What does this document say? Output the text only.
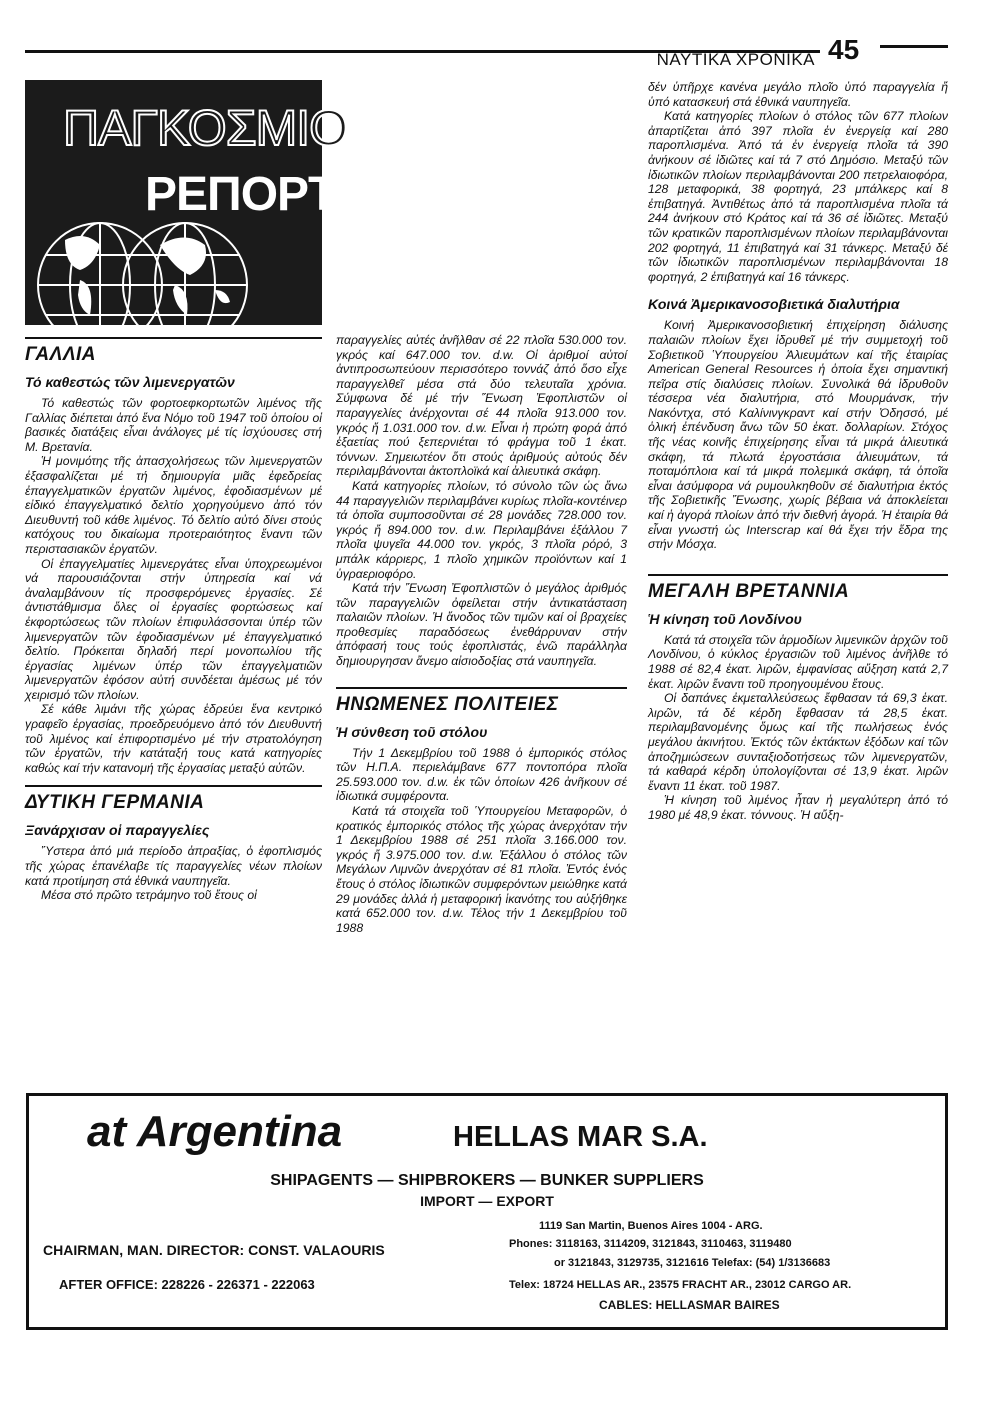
ΝΑΥΤΙΚΑ ΧΡΟΝΙΚΑ 45
ΠΑΓΚΟΣΜΙΟ
ΡΕΠΟΡΤΑΖ
ΓΑΛΛΙΑ
Τό καθεστώς τῶν λιμενεργατῶν

Τό καθεστώς τῶν φορτοεφκορτωτῶν λιμένος τῆς Γαλλίας διέπεται ἀπό ἕνα Νόμο τοῦ 1947 τοῦ ὁποίου οἱ βασικές διατάξεις εἶναι ἀνάλογες μέ τίς ἰσχύουσες στή Μ. Βρετανία.

Ἡ μονιμότης τῆς ἀπασχολήσεως τῶν λιμενεργατῶν ἐξασφαλίζεται μέ τή δημιουργία μιᾶς ἐφεδρείας ἐπαγγελματικῶν ἐργατῶν λιμένος, ἐφοδιασμένων μέ εἰδικό ἐπαγγελματικό δελτίο χορηγούμενο ἀπό τόν Διευθυντή τοῦ κάθε λιμένος. Τό δελτίο αὐτό δίνει στούς κατόχους του δικαίωμα προτεραιότητος ἔναντι τῶν περιστασιακῶν ἐργατῶν.

Οἱ ἐπαγγελματίες λιμενεργάτες εἶναι ὑποχρεωμένοι νά παρουσιάζονται στήν ὑπηρεσία καί νά ἀναλαμβάνουν τίς προσφερόμενες ἐργασίες. Σέ ἀντιστάθμισμα ὅλες οἱ ἐργασίες φορτώσεως καί ἐκφορτώσεως τῶν πλοίων ἐπιφυλάσσονται ὑπέρ τῶν λιμενεργατῶν τῶν ἐφοδιασμένων μέ ἐπαγγελματικό δελτίο. Πρόκειται δηλαδή περί μονοπωλίου τῆς ἐργασίας λιμένων ὑπέρ τῶν ἐπαγγελματιῶν λιμενεργατῶν ἐφόσον αὐτή συνδέεται ἀμέσως μέ τόν χειρισμό τῶν πλοίων.

Σέ κάθε λιμάνι τῆς χώρας ἑδρεύει ἕνα κεντρικό γραφεῖο ἐργασίας, προεδρευόμενο ἀπό τόν Διευθυντή τοῦ λιμένος καί ἐπιφορτισμένο μέ τήν στρατολόγηση τῶν ἐργατῶν, τήν κατάταξή τους κατά κατηγορίες καθώς καί τήν κατανομή τῆς ἐργασίας μεταξύ αὐτῶν.

ΔΥΤΙΚΗ ΓΕΡΜΑΝΙΑ
Ξανάρχισαν οἱ παραγγελίες

Ὕστερα ἀπό μιά περίοδο ἀπραξίας, ὁ ἐφοπλισμός τῆς χώρας ἐπανέλαβε τίς παραγγελίες νέων πλοίων κατά προτίμηση στά ἐθνικά ναυπηγεῖα.

Μέσα στό πρῶτο τετράμηνο τοῦ ἔτους οἱ

παραγγελίες αὐτές ἀνῆλθαν σέ 22 πλοῖα 530.000 τον. γκρός καί 647.000 τον. d.w. Οἱ ἀριθμοί αὐτοί ἀντιπροσωπεύουν περισσότερο τοννάζ ἀπό ὅσο εἶχε παραγγελθεῖ μέσα στά δύο τελευταῖα χρόνια. Σύμφωνα δέ μέ τήν Ἕνωση Ἐφοπλιστῶν οἱ παραγγελίες ἀνέρχονται σέ 44 πλοῖα 913.000 τον. γκρός ἤ 1.031.000 τον. d.w. Εἶναι ἡ πρώτη φορά ἀπό ἑξαετίας πού ξεπερνιέται τό φράγμα τοῦ 1 ἑκατ. τόννων. Σημειωτέον ὅτι στούς ἀριθμούς αὐτούς δέν περιλαμβάνονται ἀκτοπλοϊκά καί ἁλιευτικά σκάφη.

Κατά κατηγορίες πλοίων, τό σύνολο τῶν ὡς ἄνω 44 παραγγελιῶν περιλαμβάνει κυρίως πλοῖα-κοντέινερ τά ὁποῖα συμποσοῦνται σέ 28 μονάδες 728.000 τον. γκρός ἤ 894.000 τον. d.w. Περιλαμβάνει ἐξάλλου 7 πλοῖα ψυγεῖα 44.000 τον. γκρός, 3 πλοῖα ρόρό, 3 μπάλκ κάρριερς, 1 πλοῖο χημικῶν προϊόντων καί 1 ὑγραεριοφόρο.

Κατά τήν Ἕνωση Ἐφοπλιστῶν ὁ μεγάλος ἀριθμός τῶν παραγγελιῶν ὀφείλεται στήν ἀντικατάσταση παλαιῶν πλοίων. Ἡ ἄνοδος τῶν τιμῶν καί οἱ βραχείες προθεσμίες παραδόσεως ἐνεθάρρυναν στήν ἀπόφασή τους τούς ἐφοπλιστάς, ἐνῶ παράλληλα δημιουργησαν ἄνεμο αἰσιοδοξίας στά ναυπηγεῖα.

ΗΝΩΜΕΝΕΣ ΠΟΛΙΤΕΙΕΣ
Ἡ σύνθεση τοῦ στόλου

Τήν 1 Δεκεμβρίου τοῦ 1988 ὁ ἐμπορικός στόλος τῶν Η.Π.Α. περιελάμβανε 677 ποντοπόρα πλοῖα 25.593.000 τον. d.w. ἐκ τῶν ὁποίων 426 ἀνῆκουν σέ ἰδιωτικά συμφέροντα.

Κατά τά στοιχεῖα τοῦ Ὑπουργείου Μεταφορῶν, ὁ κρατικός ἐμπορικός στόλος τῆς χώρας ἀνερχόταν τήν 1 Δεκεμβρίου 1988 σέ 251 πλοῖα 3.166.000 τον. γκρός ἤ 3.975.000 τον. d.w. Ἐξάλλου ὁ στόλος τῶν Μεγάλων Λιμνῶν ἀνερχόταν σέ 81 πλοῖα. Ἐντός ἑνός ἔτους ὁ στόλος ἰδιωτικῶν συμφερόντων μειώθηκε κατά 29 μονάδες ἀλλά ἡ μεταφορική ἱκανότης του αὐξήθηκε κατά 652.000 τον. d.w. Τέλος τήν 1 Δεκεμβρίου τοῦ 1988

δέν ὑπῆρχε κανένα μεγάλο πλοῖο ὑπό παραγγελία ἤ ὑπό κατασκευή στά ἐθνικά ναυπηγεῖα.

Κατά κατηγορίες πλοίων ὁ στόλος τῶν 677 πλοίων ἀπαρτίζεται ἀπό 397 πλοῖα ἐν ἐνεργείᾳ καί 280 παροπλισμένα. Ἀπό τά ἐν ἐνεργείᾳ πλοῖα τά 390 ἀνήκουν σέ ἰδιῶτες καί τά 7 στό Δημόσιο. Μεταξύ τῶν ἰδιωτικῶν πλοίων περιλαμβάνονται 200 πετρελαιοφόρα, 128 μεταφορικά, 38 φορτηγά, 23 μπάλκερς καί 8 ἐπιβατηγά. Ἀντιθέτως ἀπό τά παροπλισμένα πλοῖα τά 244 ἀνήκουν στό Κράτος καί τά 36 σέ ἰδιῶτες. Μεταξύ τῶν κρατικῶν παροπλισμένων πλοίων περιλαμβάνονται 202 φορτηγά, 11 ἐπιβατηγά καί 31 τάνκερς. Μεταξύ δέ τῶν ἰδιωτικῶν παροπλισμένων περιλαμβάνονται 18 φορτηγά, 2 ἐπιβατηγά καί 16 τάνκερς.

Κοινά Ἀμερικανοσοβιετικά διαλυτήρια

Κοινή Ἀμερικανοσοβιετική ἐπιχείρηση διάλυσης παλαιῶν πλοίων ἔχει ἱδρυθεῖ μέ τήν συμμετοχή τοῦ Σοβιετικοῦ Ὑπουργείου Ἁλιευμάτων καί τῆς ἑταιρίας American General Resources ἡ ὁποία ἔχει σημαντική πεῖρα στίς διαλύσεις πλοίων. Συνολικά θά ἱδρυθοῦν τέσσερα νέα διαλυτήρια, στό Μουρμάνσκ, τήν Νακόντχα, στό Καλίνινγκραντ καί στήν Ὀδησσό, μέ ὁλική ἐπένδυση ἄνω τῶν 50 ἑκατ. δολλαρίων. Στόχος τῆς νέας κοινῆς ἐπιχείρησης εἶναι τά μικρά ἁλιευτικά σκάφη, τά πλωτά ἐργοστάσια ἁλιευμάτων, τά ποταμόπλοια καί τά μικρά πολεμικά σκάφη, τά ὁποῖα εἶναι ἀσύμφορα νά ρυμουλκηθοῦν σέ διαλυτήρια ἐκτός τῆς Σοβιετικῆς Ἕνωσης, χωρίς βέβαια νά ἀποκλείεται καί ἡ ἀγορά πλοίων ἀπό τήν διεθνή ἀγορά. Ἡ ἑταιρία θά εἶναι γνωστή ὡς Interscrap καί θά ἔχει τήν ἕδρα της στήν Μόσχα.

ΜΕΓΑΛΗ ΒΡΕΤΑΝΝΙΑ
Ἡ κίνηση τοῦ Λονδίνου

Κατά τά στοιχεῖα τῶν ἁρμοδίων λιμενικῶν ἀρχῶν τοῦ Λονδίνου, ὁ κύκλος ἐργασιῶν τοῦ λιμένος ἀνῆλθε τό 1988 σέ 82,4 ἑκατ. λιρῶν, ἐμφανίσας αὔξηση κατά 2,7 ἑκατ. λιρῶν ἔναντι τοῦ προηγουμένου ἔτους.

Οἱ δαπάνες ἐκμεταλλεύσεως ἔφθασαν τά 69,3 ἑκατ. λιρῶν, τά δέ κέρδη ἔφθασαν τά 28,5 ἑκατ. περιλαμβανομένης ὅμως καί τῆς πωλήσεως ἑνός μεγάλου ἀκινήτου. Ἐκτός τῶν ἐκτάκτων ἐξόδων καί τῶν ἀποζημιώσεων συνταξιοδοτήσεως τῶν λιμενεργατῶν, τά καθαρά κέρδη ὑπολογίζονται σέ 13,9 ἑκατ. λιρῶν ἔναντι 11 ἑκατ. τοῦ 1987.

Ἡ κίνηση τοῦ λιμένος ἦταν ἡ μεγαλύτερη ἀπό τό 1980 μέ 48,9 ἑκατ. τόννους. Ἡ αὔξη-

at Argentina	HELLAS MAR S.A.
SHIPAGENTS — SHIPBROKERS — BUNKER SUPPLIERS
IMPORT — EXPORT
CHAIRMAN, MAN. DIRECTOR: CONST. VALAOURIS
AFTER OFFICE: 228226 - 226371 - 222063
1119 San Martin, Buenos Aires 1004 - ARG.
Phones: 3118163, 3114209, 3121843, 3110463, 3119480
or 3121843, 3129735, 3121616 Telefax: (54) 1/3136683
Telex: 18724 HELLAS AR., 23575 FRACHT AR., 23012 CARGO AR.
CABLES: HELLASMAR BAIRES
